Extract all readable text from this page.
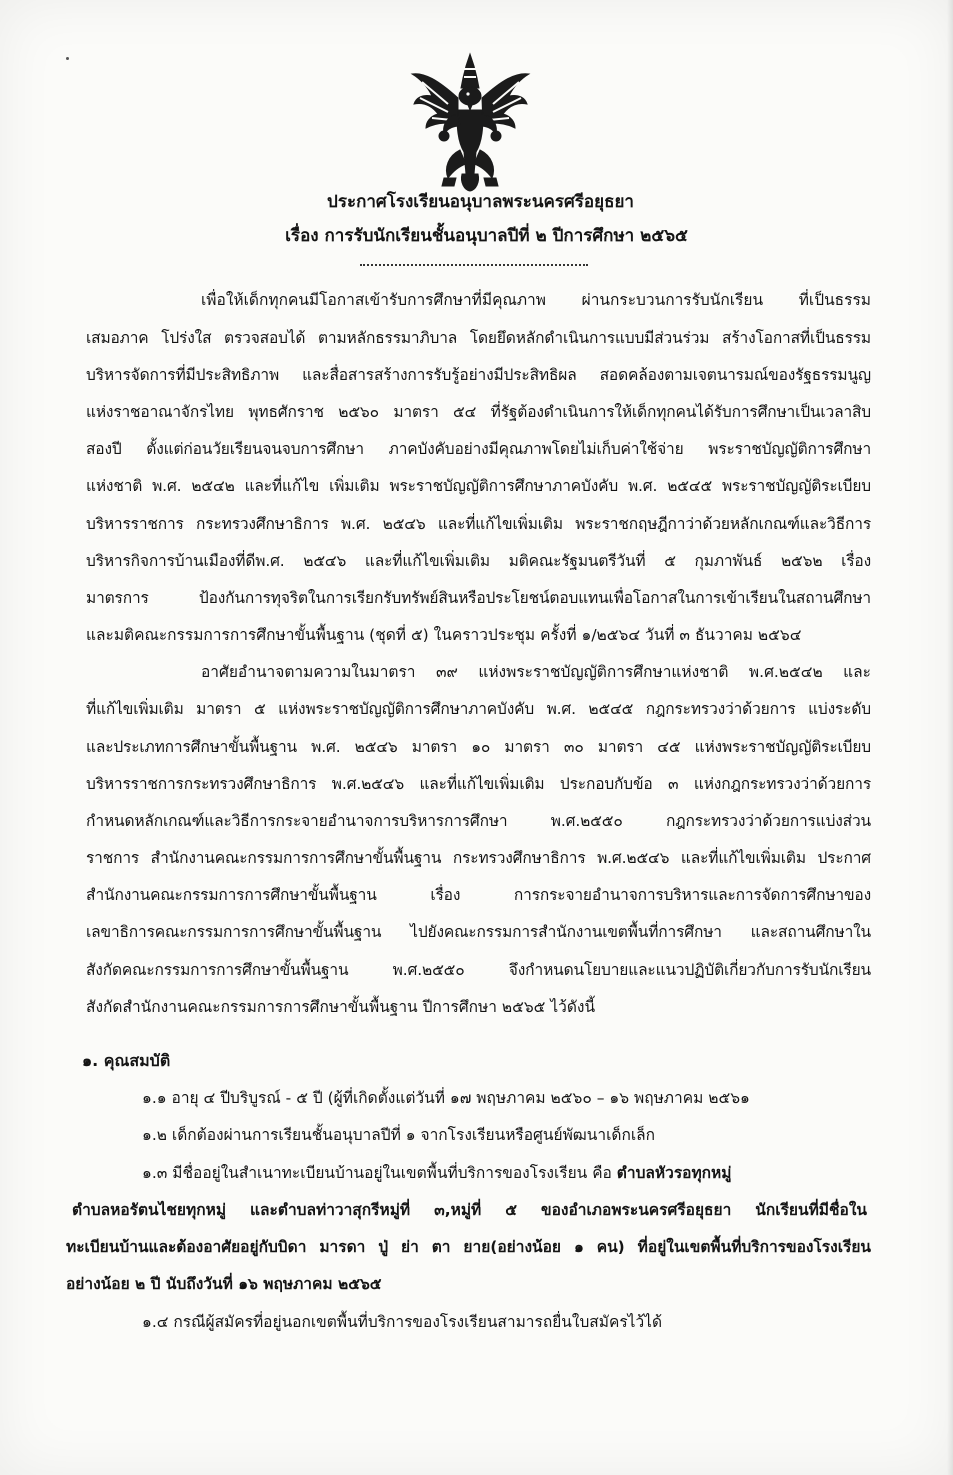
ประกาศโรงเรียนอนุบาลพระนครศรีอยุธยา
เรื่อง การรับนักเรียนชั้นอนุบาลปีที่ ๒ ปีการศึกษา ๒๕๖๕
เพื่อให้เด็กทุกคนมีโอกาสเข้ารับการศึกษาที่มีคุณภาพ ผ่านกระบวนการรับนักเรียน ที่เป็นธรรม
เสมอภาค โปร่งใส ตรวจสอบได้ ตามหลักธรรมาภิบาล โดยยึดหลักดำเนินการแบบมีส่วนร่วม สร้างโอกาสที่เป็นธรรม
บริหารจัดการที่มีประสิทธิภาพ และสื่อสารสร้างการรับรู้อย่างมีประสิทธิผล สอดคล้องตามเจตนารมณ์ของรัฐธรรมนูญ
แห่งราชอาณาจักรไทย พุทธศักราช ๒๕๖๐ มาตรา ๕๔ ที่รัฐต้องดำเนินการให้เด็กทุกคนได้รับการศึกษาเป็นเวลาสิบ
สองปี ตั้งแต่ก่อนวัยเรียนจนจบการศึกษา ภาคบังคับอย่างมีคุณภาพโดยไม่เก็บค่าใช้จ่าย พระราชบัญญัติการศึกษา
แห่งชาติ พ.ศ. ๒๕๔๒ และที่แก้ไข เพิ่มเติม พระราชบัญญัติการศึกษาภาคบังคับ พ.ศ. ๒๕๔๕ พระราชบัญญัติระเบียบ
บริหารราชการ กระทรวงศึกษาธิการ พ.ศ. ๒๕๔๖ และที่แก้ไขเพิ่มเติม พระราชกฤษฎีกาว่าด้วยหลักเกณฑ์และวิธีการ
บริหารกิจการบ้านเมืองที่ดีพ.ศ. ๒๕๔๖ และที่แก้ไขเพิ่มเติม มติคณะรัฐมนตรีวันที่ ๕ กุมภาพันธ์ ๒๕๖๒ เรื่อง
มาตรการ ป้องกันการทุจริตในการเรียกรับทรัพย์สินหรือประโยชน์ตอบแทนเพื่อโอกาสในการเข้าเรียนในสถานศึกษา
และมติคณะกรรมการการศึกษาขั้นพื้นฐาน (ชุดที่ ๕) ในคราวประชุม ครั้งที่ ๑/๒๕๖๔ วันที่ ๓ ธันวาคม ๒๕๖๔
อาศัยอำนาจตามความในมาตรา ๓๙ แห่งพระราชบัญญัติการศึกษาแห่งชาติ พ.ศ.๒๕๔๒ และ
ที่แก้ไขเพิ่มเติม มาตรา ๕ แห่งพระราชบัญญัติการศึกษาภาคบังคับ พ.ศ. ๒๕๔๕ กฎกระทรวงว่าด้วยการ แบ่งระดับ
และประเภทการศึกษาขั้นพื้นฐาน พ.ศ. ๒๕๔๖ มาตรา ๑๐ มาตรา ๓๐ มาตรา ๔๕ แห่งพระราชบัญญัติระเบียบ
บริหารราชการกระทรวงศึกษาธิการ พ.ศ.๒๕๔๖ และที่แก้ไขเพิ่มเติม ประกอบกับข้อ ๓ แห่งกฎกระทรวงว่าด้วยการ
กำหนดหลักเกณฑ์และวิธีการกระจายอำนาจการบริหารการศึกษา พ.ศ.๒๕๕๐ กฎกระทรวงว่าด้วยการแบ่งส่วน
ราชการ สำนักงานคณะกรรมการการศึกษาขั้นพื้นฐาน กระทรวงศึกษาธิการ พ.ศ.๒๕๔๖ และที่แก้ไขเพิ่มเติม ประกาศ
สำนักงานคณะกรรมการการศึกษาขั้นพื้นฐาน เรื่อง การกระจายอำนาจการบริหารและการจัดการศึกษาของ
เลขาธิการคณะกรรมการการศึกษาขั้นพื้นฐาน ไปยังคณะกรรมการสำนักงานเขตพื้นที่การศึกษา และสถานศึกษาใน
สังกัดคณะกรรมการการศึกษาขั้นพื้นฐาน พ.ศ.๒๕๕๐ จึงกำหนดนโยบายและแนวปฏิบัติเกี่ยวกับการรับนักเรียน
สังกัดสำนักงานคณะกรรมการการศึกษาขั้นพื้นฐาน ปีการศึกษา ๒๕๖๕ ไว้ดังนี้
๑. คุณสมบัติ
๑.๑ อายุ ๔ ปีบริบูรณ์ - ๕ ปี (ผู้ที่เกิดตั้งแต่วันที่ ๑๗ พฤษภาคม ๒๕๖๐ – ๑๖ พฤษภาคม ๒๕๖๑
๑.๒ เด็กต้องผ่านการเรียนชั้นอนุบาลปีที่ ๑ จากโรงเรียนหรือศูนย์พัฒนาเด็กเล็ก
๑.๓ มีชื่ออยู่ในสำเนาทะเบียนบ้านอยู่ในเขตพื้นที่บริการของโรงเรียน คือ ตำบลหัวรอทุกหมู่
ตำบลหอรัตนไชยทุกหมู่ และตำบลท่าวาสุกรีหมู่ที่ ๓,หมู่ที่ ๕ ของอำเภอพระนครศรีอยุธยา นักเรียนที่มีชื่อใน
ทะเบียนบ้านและต้องอาศัยอยู่กับบิดา มารดา ปู่ ย่า ตา ยาย(อย่างน้อย ๑ คน) ที่อยู่ในเขตพื้นที่บริการของโรงเรียน
อย่างน้อย ๒ ปี นับถึงวันที่ ๑๖ พฤษภาคม ๒๕๖๕
๑.๔ กรณีผู้สมัครที่อยู่นอกเขตพื้นที่บริการของโรงเรียนสามารถยื่นใบสมัครไว้ได้
